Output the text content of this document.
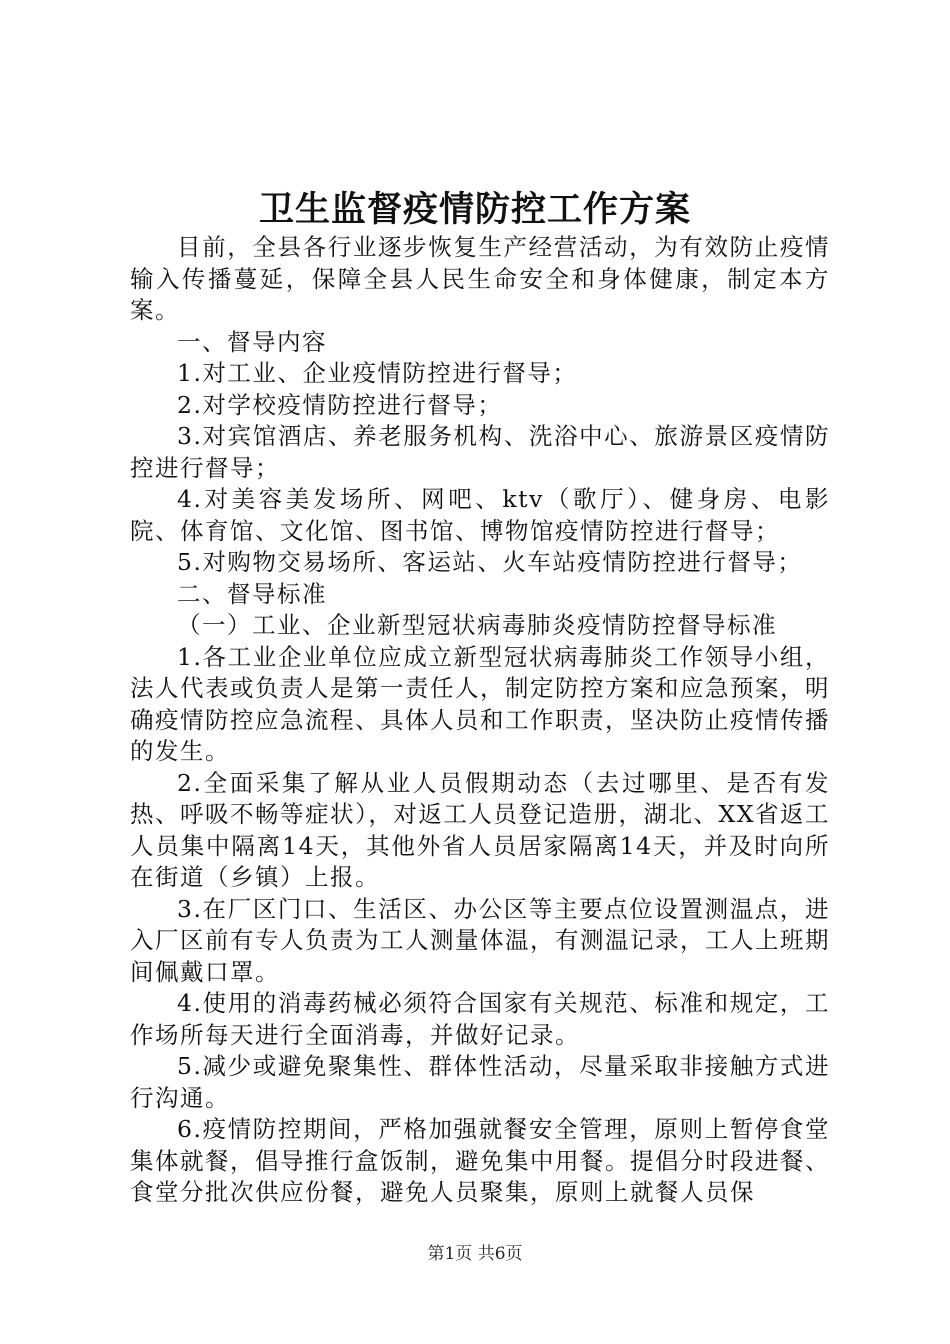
卫生监督疫情防控工作方案

目前，全县各行业逐步恢复生产经营活动，为有效防止疫情输入传播蔓延，保障全县人民生命安全和身体健康，制定本方案。

一、督导内容

1.对工业、企业疫情防控进行督导；

2.对学校疫情防控进行督导；

3.对宾馆酒店、养老服务机构、洗浴中心、旅游景区疫情防控进行督导；

4.对美容美发场所、网吧、ktv（歌厅）、健身房、电影院、体育馆、文化馆、图书馆、博物馆疫情防控进行督导；

5.对购物交易场所、客运站、火车站疫情防控进行督导；

二、督导标准

（一）工业、企业新型冠状病毒肺炎疫情防控督导标准

1.各工业企业单位应成立新型冠状病毒肺炎工作领导小组，法人代表或负责人是第一责任人，制定防控方案和应急预案，明确疫情防控应急流程、具体人员和工作职责，坚决防止疫情传播的发生。

2.全面采集了解从业人员假期动态（去过哪里、是否有发热、呼吸不畅等症状），对返工人员登记造册，湖北、XX省返工人员集中隔离14天，其他外省人员居家隔离14天，并及时向所在街道（乡镇）上报。

3.在厂区门口、生活区、办公区等主要点位设置测温点，进入厂区前有专人负责为工人测量体温，有测温记录，工人上班期间佩戴口罩。

4.使用的消毒药械必须符合国家有关规范、标准和规定，工作场所每天进行全面消毒，并做好记录。

5.减少或避免聚集性、群体性活动，尽量采取非接触方式进行沟通。

6.疫情防控期间，严格加强就餐安全管理，原则上暂停食堂集体就餐，倡导推行盒饭制，避免集中用餐。提倡分时段进餐、食堂分批次供应份餐，避免人员聚集，原则上就餐人员保

第1页 共6页
